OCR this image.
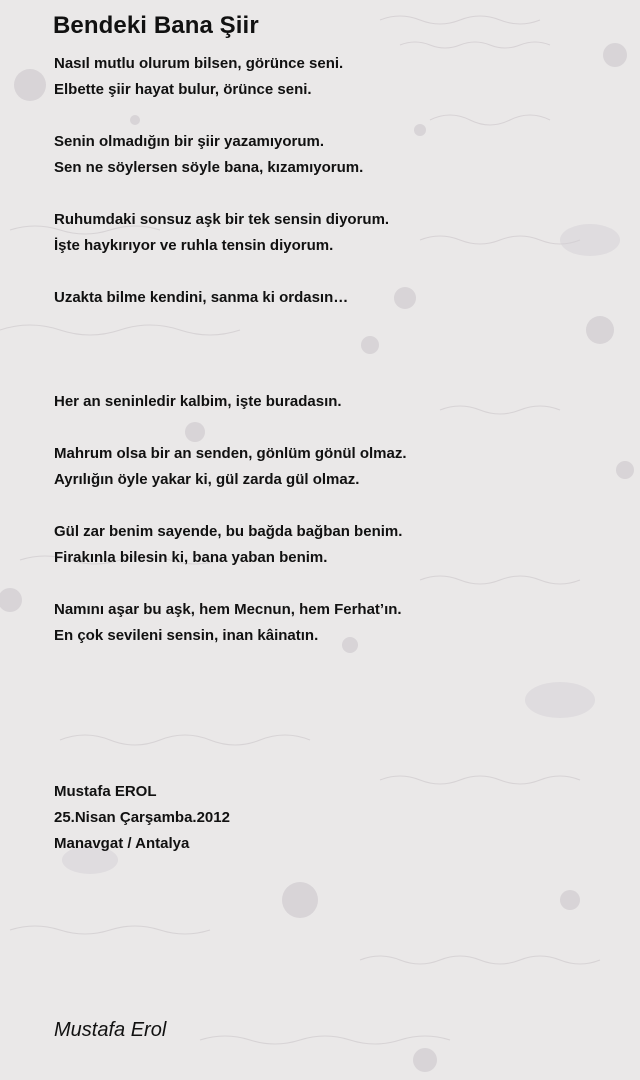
Bendeki Bana Şiir
Nasıl mutlu olurum bilsen, görünce seni.
Elbette şiir hayat bulur, örünce seni.
Senin olmadığın bir şiir yazamıyorum.
Sen ne söylersen söyle bana, kızamıyorum.
Ruhumdaki sonsuz aşk bir tek sensin diyorum.
İşte haykırıyor ve ruhla tensin diyorum.
Uzakta bilme kendini, sanma ki ordasın…
Her an seninledir kalbim, işte buradasın.
Mahrum olsa bir an senden, gönlüm gönül olmaz.
Ayrılığın öyle yakar ki, gül zarda gül olmaz.
Gül zar benim sayende, bu bağda bağban benim.
Firakınla bilesin ki, bana yaban benim.
Namını aşar bu aşk, hem Mecnun, hem Ferhat’ın.
En çok sevileni sensin, inan kâinatın.
Mustafa EROL
25.Nisan Çarşamba.2012
Manavgat / Antalya
Mustafa Erol
